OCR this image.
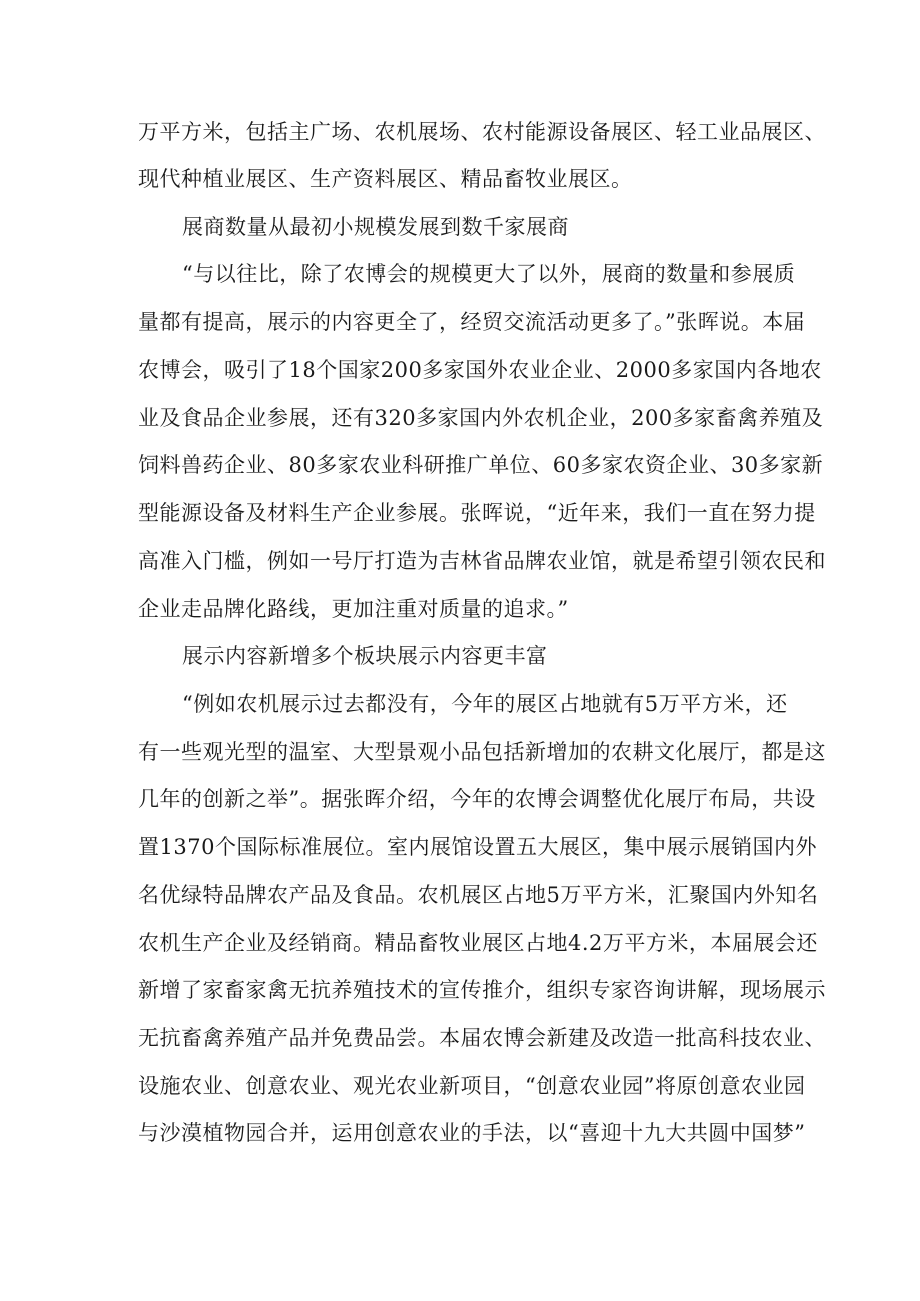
万平方米，包括主广场、农机展场、农村能源设备展区、轻工业品展区、
现代种植业展区、生产资料展区、精品畜牧业展区。
展商数量从最初小规模发展到数千家展商
“与以往比，除了农博会的规模更大了以外，展商的数量和参展质
量都有提高，展示的内容更全了，经贸交流活动更多了。”张晖说。本届
农博会，吸引了18个国家200多家国外农业企业、2000多家国内各地农
业及食品企业参展，还有320多家国内外农机企业，200多家畜禽养殖及
饲料兽药企业、80多家农业科研推广单位、60多家农资企业、30多家新
型能源设备及材料生产企业参展。张晖说，“近年来，我们一直在努力提
高准入门槛，例如一号厅打造为吉林省品牌农业馆，就是希望引领农民和
企业走品牌化路线，更加注重对质量的追求。”
展示内容新增多个板块展示内容更丰富
“例如农机展示过去都没有，今年的展区占地就有5万平方米，还
有一些观光型的温室、大型景观小品包括新增加的农耕文化展厅，都是这
几年的创新之举”。据张晖介绍，今年的农博会调整优化展厅布局，共设
置1370个国际标准展位。室内展馆设置五大展区，集中展示展销国内外
名优绿特品牌农产品及食品。农机展区占地5万平方米，汇聚国内外知名
农机生产企业及经销商。精品畜牧业展区占地4.2万平方米，本届展会还
新增了家畜家禽无抗养殖技术的宣传推介，组织专家咨询讲解，现场展示
无抗畜禽养殖产品并免费品尝。本届农博会新建及改造一批高科技农业、
设施农业、创意农业、观光农业新项目，“创意农业园”将原创意农业园
与沙漠植物园合并，运用创意农业的手法，以“喜迎十九大共圆中国梦”
